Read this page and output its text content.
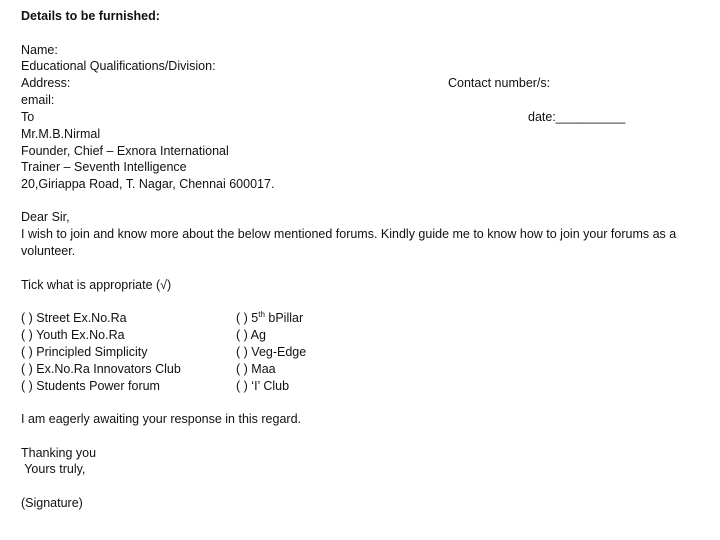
Details to be furnished:
Name:
Educational Qualifications/Division:
Address:	Contact number/s:
email:
To	date:__________
Mr.M.B.Nirmal
Founder, Chief – Exnora International
Trainer – Seventh Intelligence
20,Giriappa Road, T. Nagar, Chennai 600017.
Dear Sir,
I wish to join and know more about the below mentioned forums. Kindly guide me to know how to join your forums as a volunteer.
Tick what is appropriate (√)
( ) Street Ex.No.Ra
( ) Youth Ex.No.Ra
( ) Principled Simplicity
( ) Ex.No.Ra Innovators Club
( ) Students Power forum
( ) 5th bPillar
( ) Ag
( ) Veg-Edge
( ) Maa
( ) ‘I’ Club
I am eagerly awaiting your response in this regard.
Thanking you
Yours truly,
(Signature)
